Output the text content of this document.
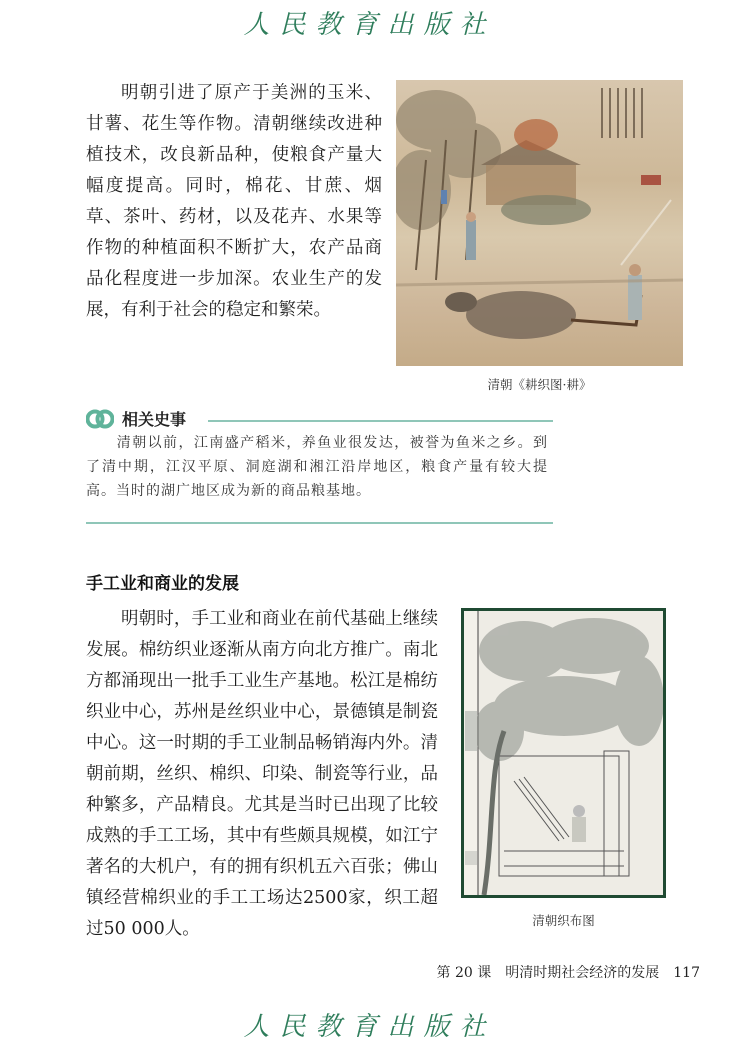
人民教育出版社

明朝引进了原产于美洲的玉米、甘薯、花生等作物。清朝继续改进种植技术，改良新品种，使粮食产量大幅度提高。同时，棉花、甘蔗、烟草、茶叶、药材，以及花卉、水果等作物的种植面积不断扩大，农产品商品化程度进一步加深。农业生产的发展，有利于社会的稳定和繁荣。

清朝《耕织图·耕》
相关史事

清朝以前，江南盛产稻米，养鱼业很发达，被誉为鱼米之乡。到了清中期，江汉平原、洞庭湖和湘江沿岸地区，粮食产量有较大提高。当时的湖广地区成为新的商品粮基地。

手工业和商业的发展

明朝时，手工业和商业在前代基础上继续发展。棉纺织业逐渐从南方向北方推广。南北方都涌现出一批手工业生产基地。松江是棉纺织业中心，苏州是丝织业中心，景德镇是制瓷中心。这一时期的手工业制品畅销海内外。清朝前期，丝织、棉织、印染、制瓷等行业，品种繁多，产品精良。尤其是当时已出现了比较成熟的手工工场，其中有些颇具规模，如江宁著名的大机户，有的拥有织机五六百张；佛山镇经营棉织业的手工工场达2500家，织工超过50 000人。	清朝织布图
第 20 课 明清时期社会经济的发展 117
人民教育出版社
